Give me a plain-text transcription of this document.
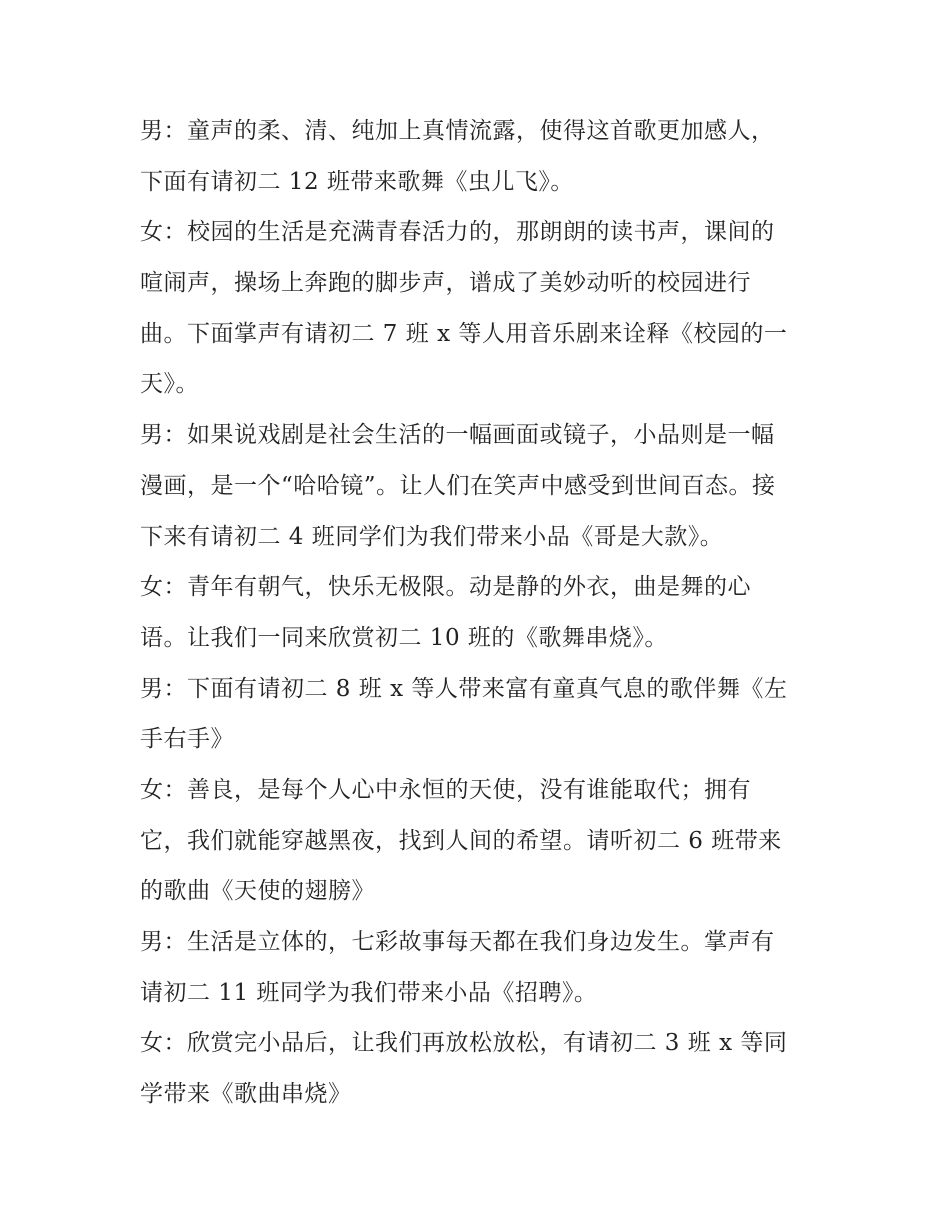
男：童声的柔、清、纯加上真情流露，使得这首歌更加感人，
下面有请初二 12 班带来歌舞《虫儿飞》。
女：校园的生活是充满青春活力的，那朗朗的读书声，课间的
喧闹声，操场上奔跑的脚步声，谱成了美妙动听的校园进行
曲。下面掌声有请初二 7 班 x 等人用音乐剧来诠释《校园的一
天》。
男：如果说戏剧是社会生活的一幅画面或镜子，小品则是一幅
漫画，是一个“哈哈镜”。让人们在笑声中感受到世间百态。接
下来有请初二 4 班同学们为我们带来小品《哥是大款》。
女：青年有朝气，快乐无极限。动是静的外衣，曲是舞的心
语。让我们一同来欣赏初二 10 班的《歌舞串烧》。
男：下面有请初二 8 班 x 等人带来富有童真气息的歌伴舞《左
手右手》
女：善良，是每个人心中永恒的天使，没有谁能取代；拥有
它，我们就能穿越黑夜，找到人间的希望。请听初二 6 班带来
的歌曲《天使的翅膀》
男：生活是立体的，七彩故事每天都在我们身边发生。掌声有
请初二 11 班同学为我们带来小品《招聘》。
女：欣赏完小品后，让我们再放松放松，有请初二 3 班 x 等同
学带来《歌曲串烧》
